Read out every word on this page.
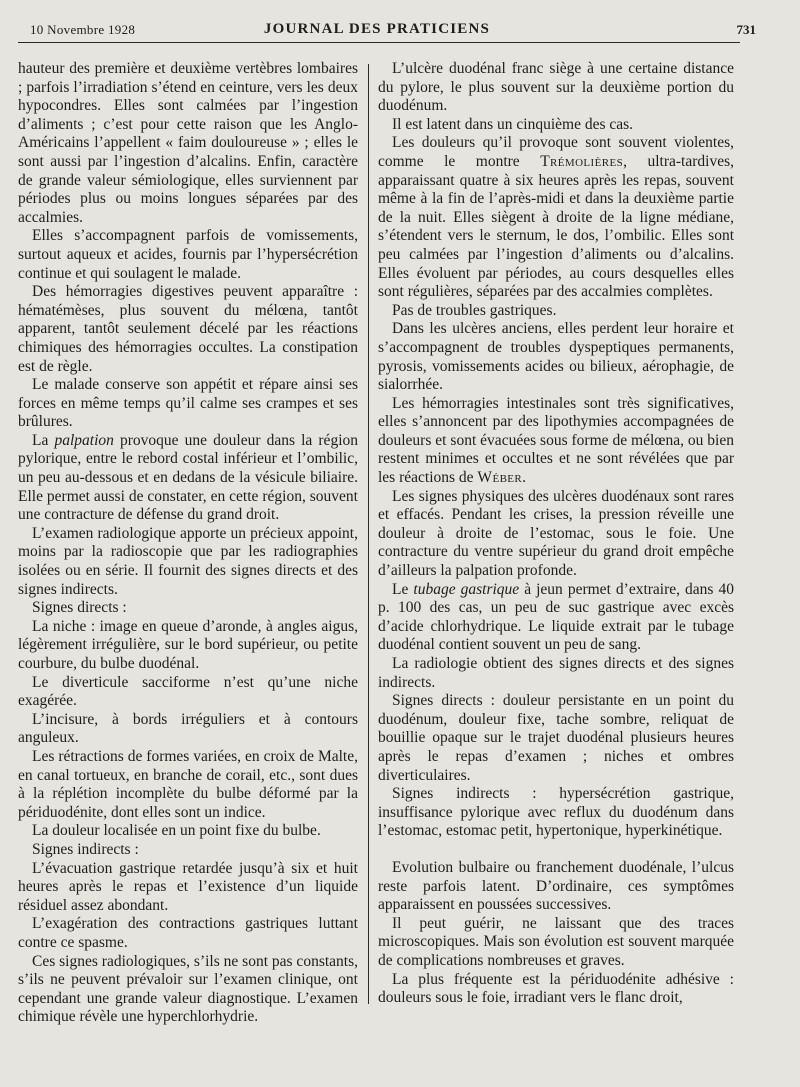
10 Novembre 1928	JOURNAL DES PRATICIENS	731

hauteur des première et deuxième vertèbres lombaires ; parfois l’irradiation s’étend en ceinture, vers les deux hypocondres. Elles sont calmées par l’ingestion d’aliments ; c’est pour cette raison que les Anglo-Américains l’appellent « faim douloureuse » ; elles le sont aussi par l’ingestion d’alcalins. Enfin, caractère de grande valeur sémiologique, elles surviennent par périodes plus ou moins longues séparées par des accalmies.

Elles s’accompagnent parfois de vomissements, surtout aqueux et acides, fournis par l’hypersécrétion continue et qui soulagent le malade.

Des hémorragies digestives peuvent apparaître : hématémèses, plus souvent du mélœna, tantôt apparent, tantôt seulement décelé par les réactions chimiques des hémorragies occultes. La constipation est de règle.

Le malade conserve son appétit et répare ainsi ses forces en même temps qu’il calme ses crampes et ses brûlures.

La palpation provoque une douleur dans la région pylorique, entre le rebord costal inférieur et l’ombilic, un peu au-dessous et en dedans de la vésicule biliaire. Elle permet aussi de constater, en cette région, souvent une contracture de défense du grand droit.

L’examen radiologique apporte un précieux appoint, moins par la radioscopie que par les radiographies isolées ou en série. Il fournit des signes directs et des signes indirects.

Signes directs :

La niche : image en queue d’aronde, à angles aigus, légèrement irrégulière, sur le bord supérieur, ou petite courbure, du bulbe duodénal.

Le diverticule sacciforme n’est qu’une niche exagérée.

L’incisure, à bords irréguliers et à contours anguleux.

Les rétractions de formes variées, en croix de Malte, en canal tortueux, en branche de corail, etc., sont dues à la réplétion incomplète du bulbe déformé par la périduodénite, dont elles sont un indice.

La douleur localisée en un point fixe du bulbe.

Signes indirects :

L’évacuation gastrique retardée jusqu’à six et huit heures après le repas et l’existence d’un liquide résiduel assez abondant.

L’exagération des contractions gastriques luttant contre ce spasme.

Ces signes radiologiques, s’ils ne sont pas constants, s’ils ne peuvent prévaloir sur l’examen clinique, ont cependant une grande valeur diagnostique. L’examen chimique révèle une hyperchlorhydrie.

L’ulcère duodénal franc siège à une certaine distance du pylore, le plus souvent sur la deuxième portion du duodénum.

Il est latent dans un cinquième des cas.

Les douleurs qu’il provoque sont souvent violentes, comme le montre Trémolières, ultra-tardives, apparaissant quatre à six heures après les repas, souvent même à la fin de l’après-midi et dans la deuxième partie de la nuit. Elles siègent à droite de la ligne médiane, s’étendent vers le sternum, le dos, l’ombilic. Elles sont peu calmées par l’ingestion d’aliments ou d’alcalins. Elles évoluent par périodes, au cours desquelles elles sont régulières, séparées par des accalmies complètes.

Pas de troubles gastriques.

Dans les ulcères anciens, elles perdent leur horaire et s’accompagnent de troubles dyspeptiques permanents, pyrosis, vomissements acides ou bilieux, aérophagie, de sialorrhée.

Les hémorragies intestinales sont très significatives, elles s’annoncent par des lipothymies accompagnées de douleurs et sont évacuées sous forme de mélœna, ou bien restent minimes et occultes et ne sont révélées que par les réactions de Wéber.

Les signes physiques des ulcères duodénaux sont rares et effacés. Pendant les crises, la pression réveille une douleur à droite de l’estomac, sous le foie. Une contracture du ventre supérieur du grand droit empêche d’ailleurs la palpation profonde.

Le tubage gastrique à jeun permet d’extraire, dans 40 p. 100 des cas, un peu de suc gastrique avec excès d’acide chlorhydrique. Le liquide extrait par le tubage duodénal contient souvent un peu de sang.

La radiologie obtient des signes directs et des signes indirects.

Signes directs : douleur persistante en un point du duodénum, douleur fixe, tache sombre, reliquat de bouillie opaque sur le trajet duodénal plusieurs heures après le repas d’examen ; niches et ombres diverticulaires.

Signes indirects : hypersécrétion gastrique, insuffisance pylorique avec reflux du duodénum dans l’estomac, estomac petit, hypertonique, hyperkinétique.

Evolution bulbaire ou franchement duodénale, l’ulcus reste parfois latent. D’ordinaire, ces symptômes apparaissent en poussées successives.

Il peut guérir, ne laissant que des traces microscopiques. Mais son évolution est souvent marquée de complications nombreuses et graves.

La plus fréquente est la périduodénite adhésive : douleurs sous le foie, irradiant vers le flanc droit,
